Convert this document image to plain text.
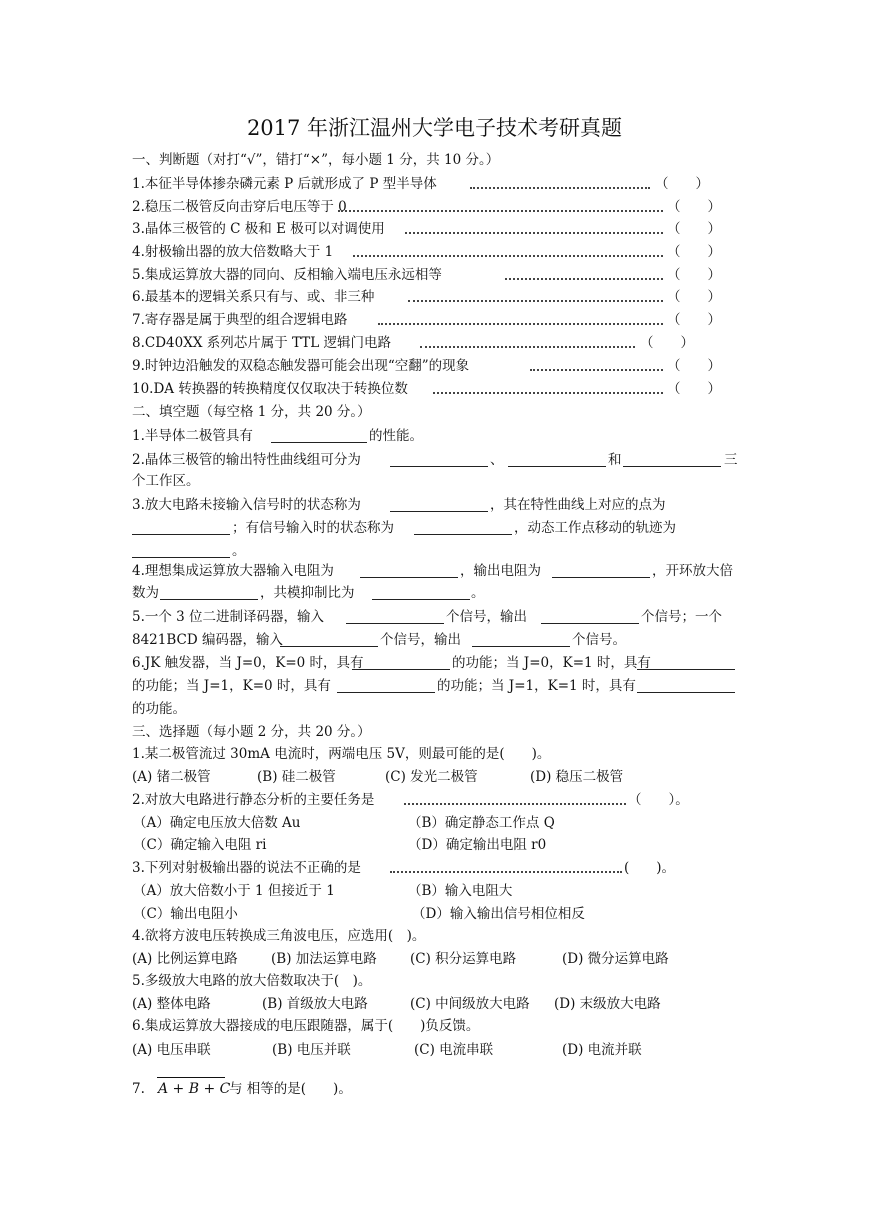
2017 年浙江温州大学电子技术考研真题
一、判断题（对打“√”，错打“×”，每小题 1 分，共 10 分。）
1.本征半导体掺杂磷元素 P 后就形成了 P 型半导体	（　　）
2.稳压二极管反向击穿后电压等于 0	（　　）
3.晶体三极管的 C 极和 E 极可以对调使用	（　　）
4.射极输出器的放大倍数略大于 1	（　　）
5.集成运算放大器的同向、反相输入端电压永远相等	（　　）
6.最基本的逻辑关系只有与、或、非三种	（　　）
7.寄存器是属于典型的组合逻辑电路	（　　）
8.CD40XX 系列芯片属于 TTL 逻辑门电路	（　　）
9.时钟边沿触发的双稳态触发器可能会出现“空翻”的现象	（　　）
10.DA 转换器的转换精度仅仅取决于转换位数	（　　）
二、填空题（每空格 1 分，共 20 分。）
1.半导体二极管具有	的性能。
2.晶体三极管的输出特性曲线组可分为	、	和	三
个工作区。
3.放大电路未接输入信号时的状态称为	，其在特性曲线上对应的点为
；有信号输入时的状态称为	，动态工作点移动的轨迹为
。
4.理想集成运算放大器输入电阻为	，输出电阻为	，开环放大倍
数为	，共模抑制比为	。
5.一个 3 位二进制译码器，输入	个信号，输出	个信号；一个
8421BCD 编码器，输入	个信号，输出	个信号。
6.JK 触发器，当 J=0，K=0 时，具有	的功能；当 J=0，K=1 时，具有
的功能；当 J=1，K=0 时，具有	的功能；当 J=1，K=1 时，具有
的功能。
三、选择题（每小题 2 分，共 20 分。）
1.某二极管流过 30mA 电流时，两端电压 5V，则最可能的是(　　)。
(A) 锗二极管	(B) 硅二极管	(C) 发光二极管	(D) 稳压二极管
2.对放大电路进行静态分析的主要任务是	（　　）。
（A）确定电压放大倍数 Au	（B）确定静态工作点 Q
（C）确定输入电阻 ri	（D）确定输出电阻 r0
3.下列对射极输出器的说法不正确的是	(　　)。
（A）放大倍数小于 1 但接近于 1	（B）输入电阻大
（C）输出电阻小	（D）输入输出信号相位相反
4.欲将方波电压转换成三角波电压，应选用(　)。
(A) 比例运算电路 (B) 加法运算电路 (C) 积分运算电路	(D) 微分运算电路
5.多级放大电路的放大倍数取决于(　)。
(A) 整体电路	(B) 首级放大电路	(C) 中间级放大电路 (D) 末级放大电路
6.集成运算放大器接成的电压跟随器，属于(　　)负反馈。
(A) 电压串联	(B) 电压并联	(C) 电流串联	(D) 电流并联
7. A + B + C
与 相等的是(　　)。
